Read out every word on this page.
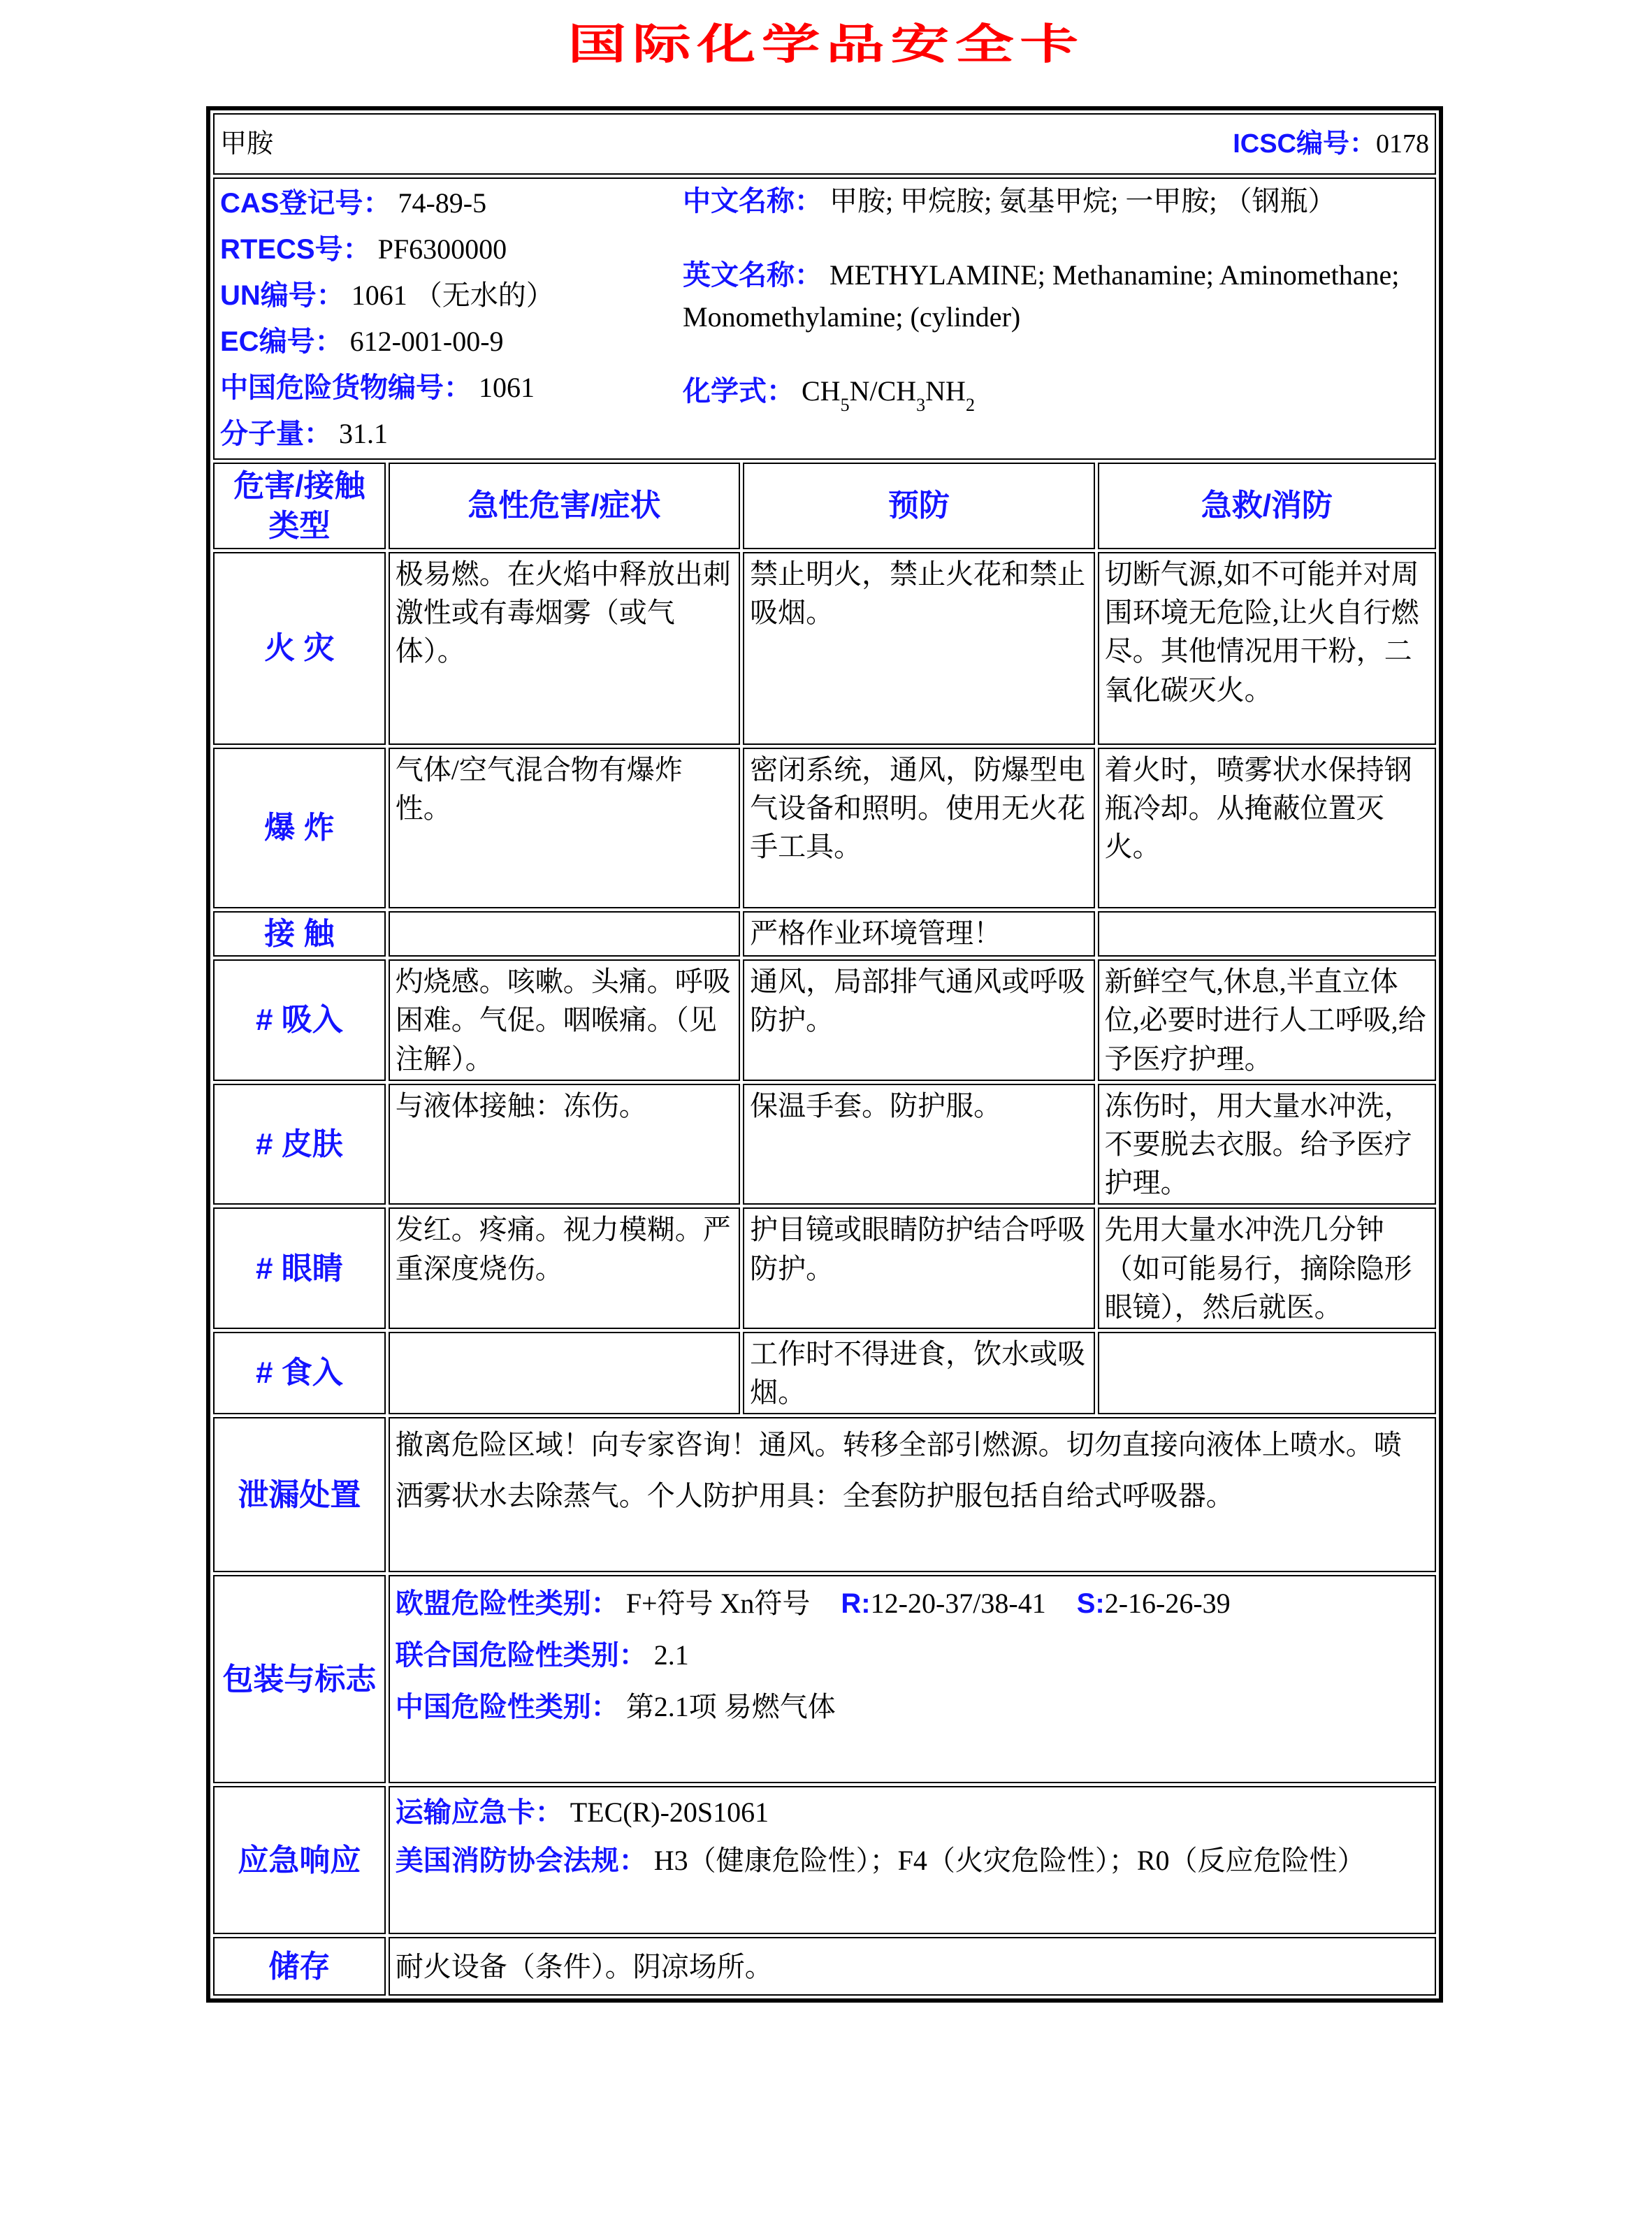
国际化学品安全卡
甲胺 ICSC编号：0178			

CAS登记号： 74-89-5
RTECS号： PF6300000
UN编号： 1061 （无水的）
EC编号： 612-001-00-9
中国危险货物编号： 1061
分子量： 31.1
中文名称： 甲胺; 甲烷胺; 氨基甲烷; 一甲胺; （钢瓶）
英文名称： METHYLAMINE; Methanamine; Aminomethane; Monomethylamine; (cylinder)
化学式： $CH_5N/CH_3NH_2$

危害/接触类型	急性危害/症状	预防	急救/消防
火 灾	极易燃。在火焰中释放出刺激性或有毒烟雾（或气体）。	禁止明火，禁止火花和禁止吸烟。	切断气源,如不可能并对周围环境无危险,让火自行燃尽。其他情况用干粉，二氧化碳灭火。
爆 炸	气体/空气混合物有爆炸性。	密闭系统，通风，防爆型电气设备和照明。使用无火花手工具。	着火时，喷雾状水保持钢瓶冷却。从掩蔽位置灭火。
接 触		严格作业环境管理！	
# 吸入	灼烧感。咳嗽。头痛。呼吸困难。气促。咽喉痛。（见注解）。	通风，局部排气通风或呼吸防护。	新鲜空气,休息,半直立体位,必要时进行人工呼吸,给予医疗护理。
# 皮肤	与液体接触：冻伤。	保温手套。防护服。	冻伤时，用大量水冲洗，不要脱去衣服。给予医疗护理。
# 眼睛	发红。疼痛。视力模糊。严重深度烧伤。	护目镜或眼睛防护结合呼吸防护。	先用大量水冲洗几分钟（如可能易行，摘除隐形眼镜），然后就医。
# 食入		工作时不得进食，饮水或吸烟。	
泄漏处置	撤离危险区域！向专家咨询！通风。转移全部引燃源。切勿直接向液体上喷水。喷洒雾状水去除蒸气。个人防护用具：全套防护服包括自给式呼吸器。		
包装与标志	欧盟危险性类别： F+符号 Xn符号 R:12-20-37/38-41 S:2-16-26-39
联合国危险性类别： 2.1
中国危险性类别： 第2.1项 易燃气体		

应急响应	运输应急卡： TEC(R)-20S1061
美国消防协会法规： H3（健康危险性）；F4（火灾危险性）；R0（反应危险性）		

储存	耐火设备（条件）。阴凉场所。		
